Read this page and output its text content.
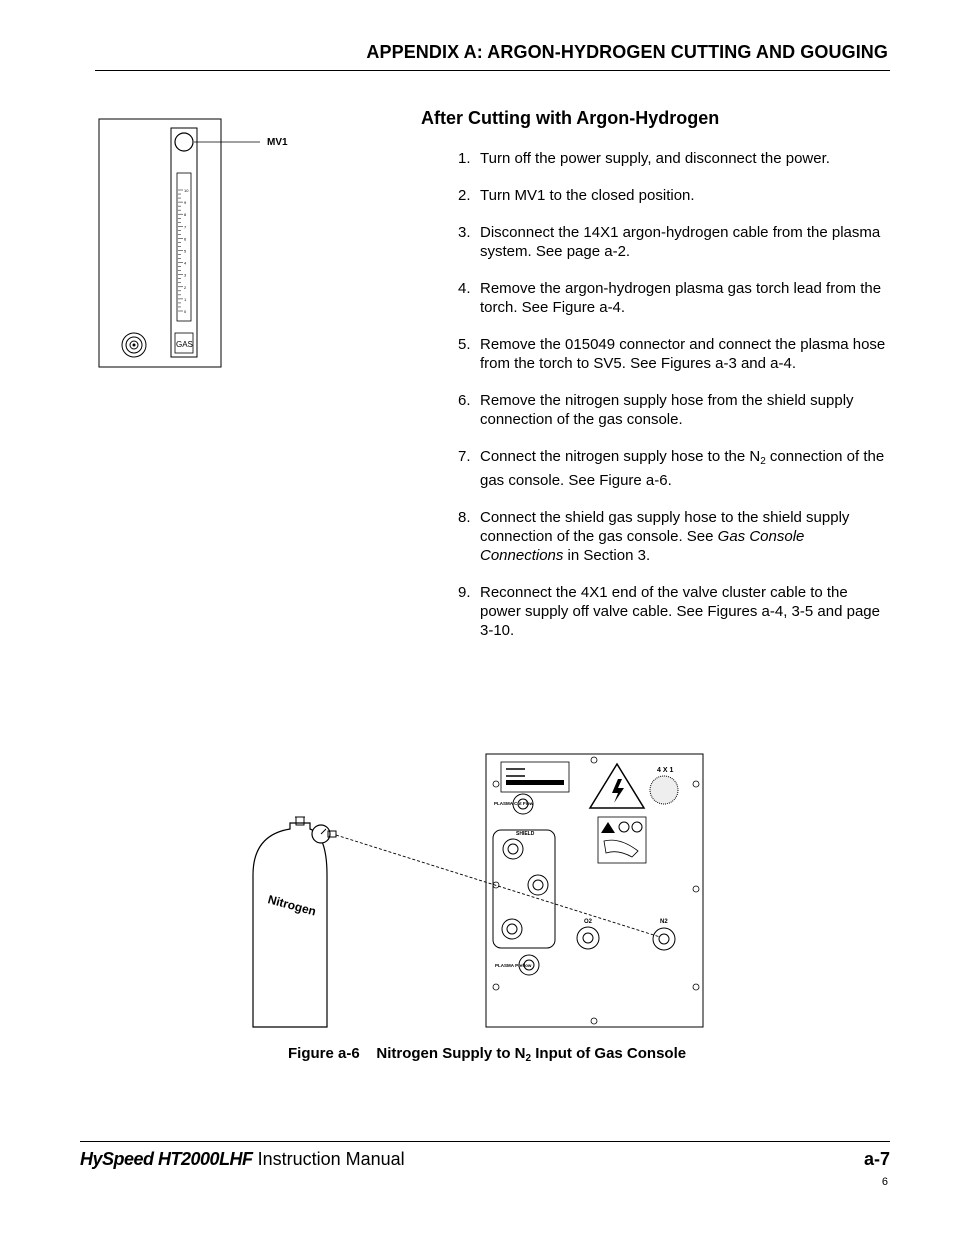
APPENDIX A: ARGON-HYDROGEN CUTTING AND GOUGING
MV1
10
9
8
7
6
5
4
3
2
1
0
GAS
After Cutting with Argon-Hydrogen
1. Turn off the power supply, and disconnect the power.
2. Turn MV1 to the closed position.
3. Disconnect the 14X1 argon-hydrogen cable from the plasma system. See page a-2.
4. Remove the argon-hydrogen plasma gas torch lead from the torch. See Figure a-4.
5. Remove the 015049 connector and connect the plasma hose from the torch to SV5. See Figures a-3 and a-4.
6. Remove the nitrogen supply hose from the shield supply connection of the gas console.
7. Connect the nitrogen supply hose to the $N_2$ connection of the gas console. See Figure a-6.
8. Connect the shield gas supply hose to the shield supply connection of the gas console. See Gas Console Connections in Section 3.
9. Reconnect the 4X1 end of the valve cluster cable to the power supply off valve cable. See Figures a-4, 3-5 and page 3-10.
Nitrogen
4 X 1
PLASMA Cut Flow
SHIELD
O2	N2
PLASMA Preflow
Figure a-6 Nitrogen Supply to $N_2$ Input of Gas Console
HySpeed HT2000LHF Instruction Manual	a-7
6
